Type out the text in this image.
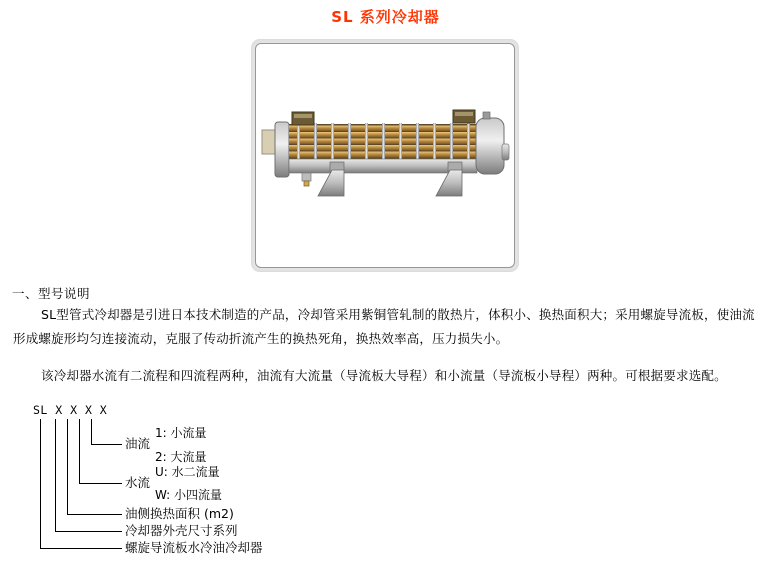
SL 系列冷却器
一、型号说明
SL型管式冷却器是引进日本技术制造的产品，冷却管采用紫铜管轧制的散热片，体积小、换热面积大；采用螺旋导流板，使油流形成螺旋形均匀连接流动，克服了传动折流产生的换热死角，换热效率高，压力损失小。
该冷却器水流有二流程和四流程两种，油流有大流量（导流板大导程）和小流量（导流板小导程）两种。可根据要求选配。
SL X X X X
油流
1: 小流量
2: 大流量
水流
U: 水二流量
W: 小四流量
油侧换热面积 (m2)
冷却器外壳尺寸系列
螺旋导流板水冷油冷却器
